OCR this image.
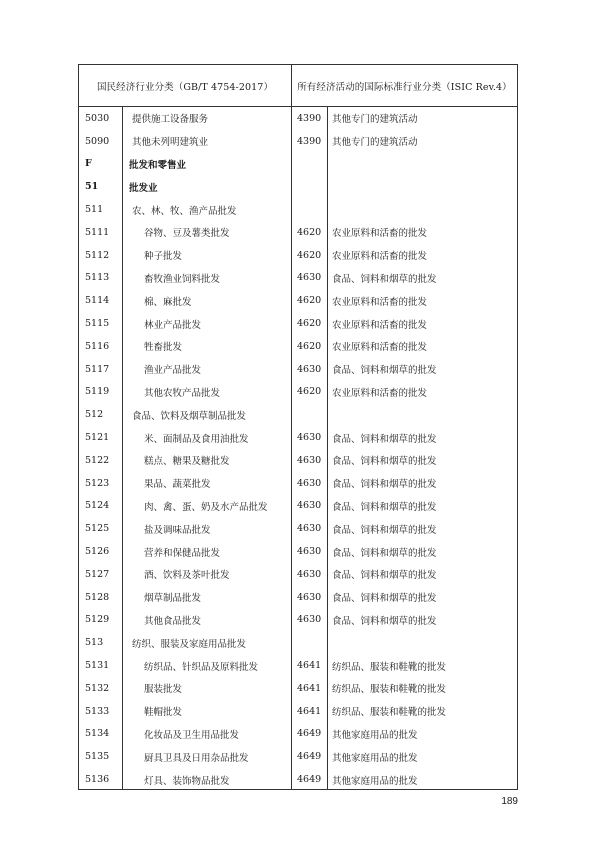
国民经济行业分类（GB/T 4754-2017）	所有经济活动的国际标准行业分类（ISIC Rev.4）
5030	提供施工设备服务	4390	其他专门的建筑活动
5090	其他未列明建筑业	4390	其他专门的建筑活动
F	批发和零售业
51	批发业
511	农、林、牧、渔产品批发
5111	谷物、豆及薯类批发	4620	农业原料和活畜的批发
5112	种子批发	4620	农业原料和活畜的批发
5113	畜牧渔业饲料批发	4630	食品、饲料和烟草的批发
5114	棉、麻批发	4620	农业原料和活畜的批发
5115	林业产品批发	4620	农业原料和活畜的批发
5116	牲畜批发	4620	农业原料和活畜的批发
5117	渔业产品批发	4630	食品、饲料和烟草的批发
5119	其他农牧产品批发	4620	农业原料和活畜的批发
512	食品、饮料及烟草制品批发
5121	米、面制品及食用油批发	4630	食品、饲料和烟草的批发
5122	糕点、糖果及糖批发	4630	食品、饲料和烟草的批发
5123	果品、蔬菜批发	4630	食品、饲料和烟草的批发
5124	肉、禽、蛋、奶及水产品批发	4630	食品、饲料和烟草的批发
5125	盐及调味品批发	4630	食品、饲料和烟草的批发
5126	营养和保健品批发	4630	食品、饲料和烟草的批发
5127	酒、饮料及茶叶批发	4630	食品、饲料和烟草的批发
5128	烟草制品批发	4630	食品、饲料和烟草的批发
5129	其他食品批发	4630	食品、饲料和烟草的批发
513	纺织、服装及家庭用品批发
5131	纺织品、针织品及原料批发	4641	纺织品、服装和鞋靴的批发
5132	服装批发	4641	纺织品、服装和鞋靴的批发
5133	鞋帽批发	4641	纺织品、服装和鞋靴的批发
5134	化妆品及卫生用品批发	4649	其他家庭用品的批发
5135	厨具卫具及日用杂品批发	4649	其他家庭用品的批发
5136	灯具、装饰物品批发	4649	其他家庭用品的批发
189
